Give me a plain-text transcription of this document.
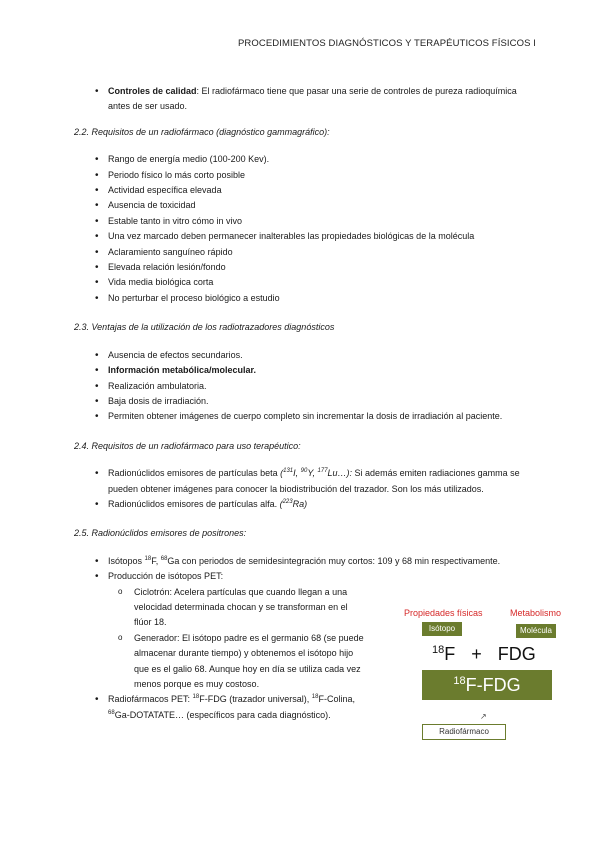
PROCEDIMIENTOS DIAGNÓSTICOS Y TERAPÉUTICOS FÍSICOS I
• Controles de calidad: El radiofármaco tiene que pasar una serie de controles de pureza radioquímica antes de ser usado.
2.2. Requisitos de un radiofármaco (diagnóstico gammagráfico):
• Rango de energía medio (100-200 Kev).
• Periodo físico lo más corto posible
• Actividad específica elevada
• Ausencia de toxicidad
• Estable tanto in vitro cómo in vivo
• Una vez marcado deben permanecer inalterables las propiedades biológicas de la molécula
• Aclaramiento sanguíneo rápido
• Elevada relación lesión/fondo
• Vida media biológica corta
• No perturbar el proceso biológico a estudio
2.3. Ventajas de la utilización de los radiotrazadores diagnósticos
• Ausencia de efectos secundarios.
• Información metabólica/molecular.
• Realización ambulatoria.
• Baja dosis de irradiación.
• Permiten obtener imágenes de cuerpo completo sin incrementar la dosis de irradiación al paciente.
2.4. Requisitos de un radiofármaco para uso terapéutico:
• Radionúclidos emisores de partículas beta ($^{131}$I, $^{90}$Y, $^{177}$Lu…): Si además emiten radiaciones gamma se pueden obtener imágenes para conocer la biodistribución del trazador. Son los más utilizados.
• Radionúclidos emisores de partículas alfa. ($^{223}$Ra)
2.5. Radionúclidos emisores de positrones:
• Isótopos $^{18}$F, $^{68}$Ga con periodos de semidesintegración muy cortos: 109 y 68 min respectivamente.
• Producción de isótopos PET:
o Ciclotrón: Acelera partículas que cuando llegan a una velocidad determinada chocan y se transforman en el flúor 18.
o Generador: El isótopo padre es el germanio 68 (se puede almacenar durante tiempo) y obtenemos el isótopo hijo que es el galio 68. Aunque hoy en día se utiliza cada vez menos porque es muy costoso.
• Radiofármacos PET: $^{18}$F-FDG (trazador universal), $^{18}$F-Colina, $^{68}$Ga-DOTATATE… (específicos para cada diagnóstico).
Propiedades físicas	Metabolismo
Isótopo	Molécula
$^{18}$F + FDG
$^{18}$F-FDG
↗
Radiofármaco
